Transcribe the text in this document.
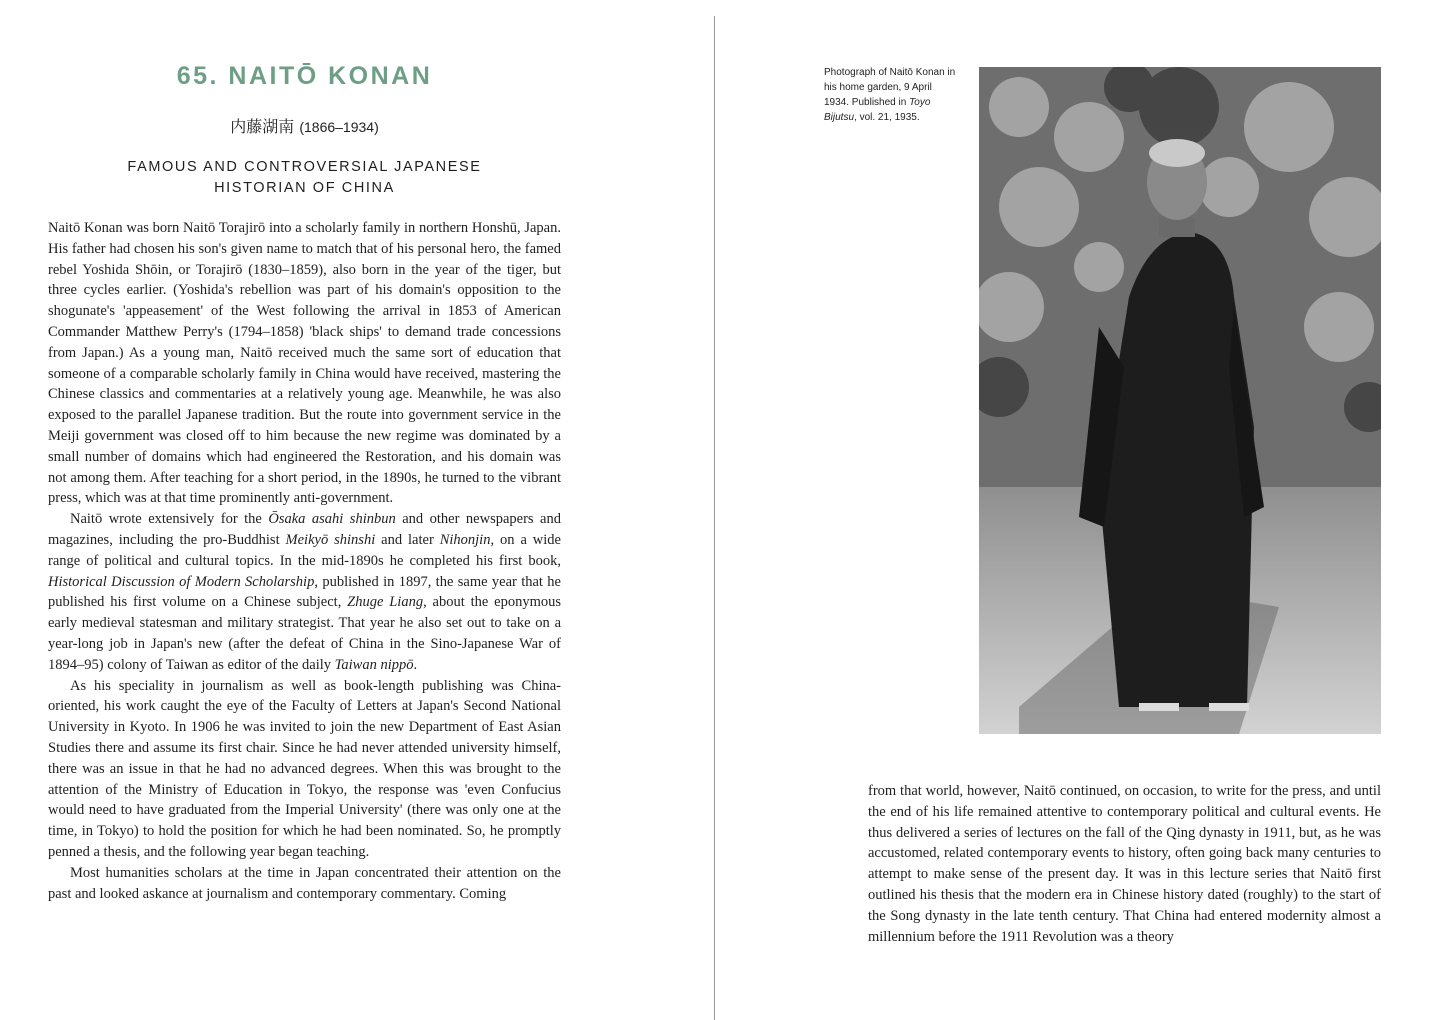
65. NAITŌ KONAN
内藤湖南 (1866–1934)
FAMOUS AND CONTROVERSIAL JAPANESE
HISTORIAN OF CHINA

Naitō Konan was born Naitō Torajirō into a scholarly family in northern Honshū, Japan. His father had chosen his son's given name to match that of his personal hero, the famed rebel Yoshida Shōin, or Torajirō (1830–1859), also born in the year of the tiger, but three cycles earlier. (Yoshida's rebellion was part of his domain's opposition to the shogunate's 'appeasement' of the West following the arrival in 1853 of American Commander Matthew Perry's (1794–1858) 'black ships' to demand trade concessions from Japan.) As a young man, Naitō received much the same sort of education that someone of a comparable scholarly family in China would have received, mastering the Chinese classics and commentaries at a relatively young age. Meanwhile, he was also exposed to the parallel Japanese tradition. But the route into government service in the Meiji government was closed off to him because the new regime was dominated by a small number of domains which had engineered the Restoration, and his domain was not among them. After teaching for a short period, in the 1890s, he turned to the vibrant press, which was at that time prominently anti-government.

Naitō wrote extensively for the Ōsaka asahi shinbun and other newspapers and magazines, including the pro-Buddhist Meikyō shinshi and later Nihonjin, on a wide range of political and cultural topics. In the mid-1890s he completed his first book, Historical Discussion of Modern Scholarship, published in 1897, the same year that he published his first volume on a Chinese subject, Zhuge Liang, about the eponymous early medieval statesman and military strategist. That year he also set out to take on a year-long job in Japan's new (after the defeat of China in the Sino-Japanese War of 1894–95) colony of Taiwan as editor of the daily Taiwan nippō.

As his speciality in journalism as well as book-length publishing was China-oriented, his work caught the eye of the Faculty of Letters at Japan's Second National University in Kyoto. In 1906 he was invited to join the new Department of East Asian Studies there and assume its first chair. Since he had never attended university himself, there was an issue in that he had no advanced degrees. When this was brought to the attention of the Ministry of Education in Tokyo, the response was 'even Confucius would need to have graduated from the Imperial University' (there was only one at the time, in Tokyo) to hold the position for which he had been nominated. So, he promptly penned a thesis, and the following year began teaching.

Most humanities scholars at the time in Japan concentrated their attention on the past and looked askance at journalism and contemporary commentary. Coming

Photograph of Naitō Konan in his home garden, 9 April 1934. Published in Toyo Bijutsu, vol. 21, 1935.

from that world, however, Naitō continued, on occasion, to write for the press, and until the end of his life remained attentive to contemporary political and cultural events. He thus delivered a series of lectures on the fall of the Qing dynasty in 1911, but, as he was accustomed, related contemporary events to history, often going back many centuries to attempt to make sense of the present day. It was in this lecture series that Naitō first outlined his thesis that the modern era in Chinese history dated (roughly) to the start of the Song dynasty in the late tenth century. That China had entered modernity almost a millennium before the 1911 Revolution was a theory
